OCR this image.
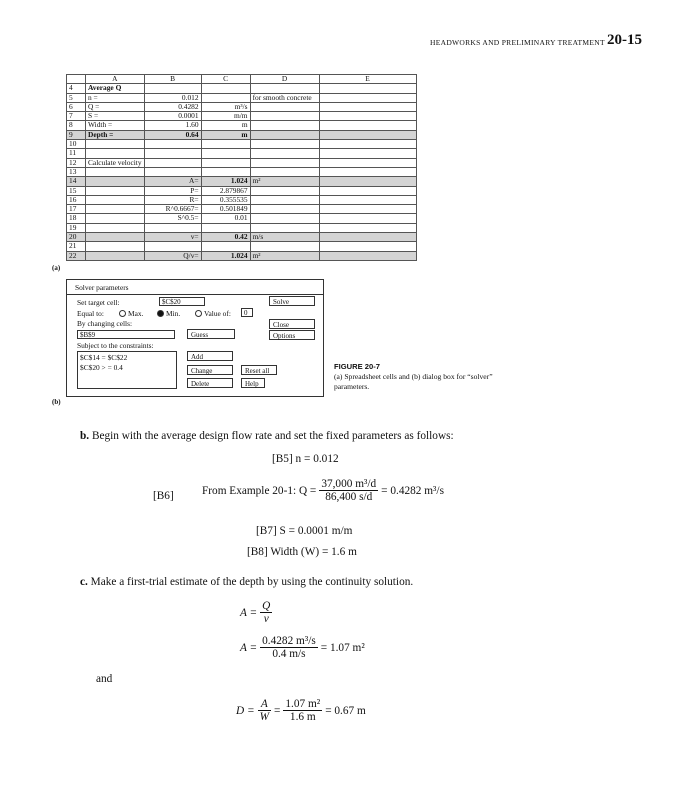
HEADWORKS AND PRELIMINARY TREATMENT 20-15
	A	B	C	D	E
4	Average Q				
5	n =	0.012		for smooth concrete	
6	Q =	0.4282	m³/s		
7	S =	0.0001	m/m		
8	Width =	1.60	m		
9	Depth =	0.64	m		
10					
11					
12	Calculate velocity				
13					
14		A=	1.024	m²	
15		P=	2.879867		
16		R=	0.355535		
17		R^0.6667=	0.501849		
18		S^0.5=	0.01		
19					
20		v=	0.42	m/s	
21					
22		Q/v=	1.024	m²	
(a)
Solver parameters
Set target cell:	$C$20	Solve
Equal to:	Max.	Min.	Value of:	0
By changing cells:	Close
$B$9	Guess	Options
Subject to the constraints:
$C$14 = $C$22
$C$20 > = 0.4
Add
Change	Reset all
Delete	Help
(b)
FIGURE 20-7
(a) Spreadsheet cells and (b) dialog box for “solver”
parameters.
b. Begin with the average design flow rate and set the fixed parameters as follows:
[B5] n = 0.012
[B6]	From Example 20-1: $Q = \frac{\text{37,000 m³/d}}{86,400 s/d} = 0.4282$ m³/s
[B7] S = 0.0001 m/m
[B8] Width (W) = 1.6 m
c. Make a first-trial estimate of the depth by using the continuity solution.
$A = \frac{Q}{v}$
$A = \frac{\text{0.4282 m³/s}}{0.4 m/s} = 1.07$ m²
and
$D = \frac{A}{W} = \frac{\text{1.07 m²}}{1.6 m} = 0.67$ m
